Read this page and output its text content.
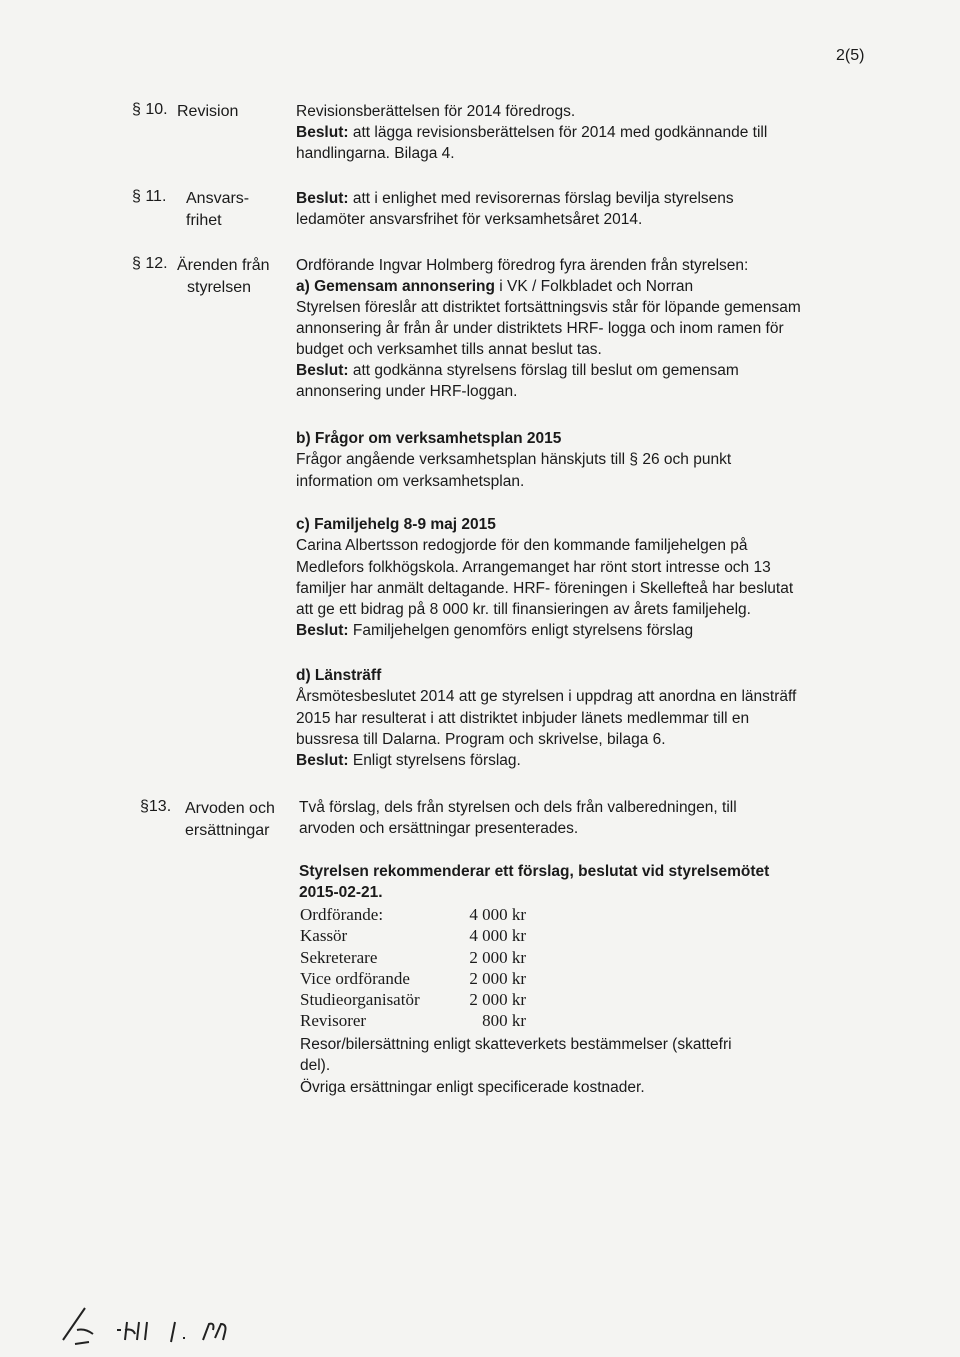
2(5)
§ 10. Revision	Revisionsberättelsen för 2014 föredrogs.
Beslut: att lägga revisionsberättelsen för 2014 med godkännande till
handlingarna. Bilaga 4.
§ 11. Ansvars-
frihet
Beslut: att i enlighet med revisorernas förslag bevilja styrelsens
ledamöter ansvarsfrihet för verksamhetsåret 2014.
§ 12. Ärenden från
styrelsen
Ordförande Ingvar Holmberg föredrog fyra ärenden från styrelsen:
a) Gemensam annonsering i VK / Folkbladet och Norran
Styrelsen föreslår att distriktet fortsättningsvis står för löpande gemensam
annonsering år från år under distriktets HRF- logga och inom ramen för
budget och verksamhet tills annat beslut tas.
Beslut: att godkänna styrelsens förslag till beslut om gemensam
annonsering under HRF-loggan.
b) Frågor om verksamhetsplan 2015
Frågor angående verksamhetsplan hänskjuts till § 26 och punkt
information om verksamhetsplan.
c) Familjehelg 8-9 maj 2015
Carina Albertsson redogjorde för den kommande familjehelgen på
Medlefors folkhögskola. Arrangemanget har rönt stort intresse och 13
familjer har anmält deltagande. HRF- föreningen i Skellefteå har beslutat
att ge ett bidrag på 8 000 kr. till finansieringen av årets familjehelg.
Beslut: Familjehelgen genomförs enligt styrelsens förslag
d) Länsträff
Årsmötesbeslutet 2014 att ge styrelsen i uppdrag att anordna en länsträff
2015 har resulterat i att distriktet inbjuder länets medlemmar till en
bussresa till Dalarna. Program och skrivelse, bilaga 6.
Beslut: Enligt styrelsens förslag.
§13. Arvoden och
ersättningar
Två förslag, dels från styrelsen och dels från valberedningen, till
arvoden och ersättningar presenterades.
Styrelsen rekommenderar ett förslag, beslutat vid styrelsemötet
2015-02-21.
Ordförande:	4 000 kr
Kassör	4 000 kr
Sekreterare	2 000 kr
Vice ordförande	2 000 kr
Studieorganisatör	2 000 kr
Revisorer	800 kr
Resor/bilersättning enligt skatteverkets bestämmelser (skattefri
del).
Övriga ersättningar enligt specificerade kostnader.
